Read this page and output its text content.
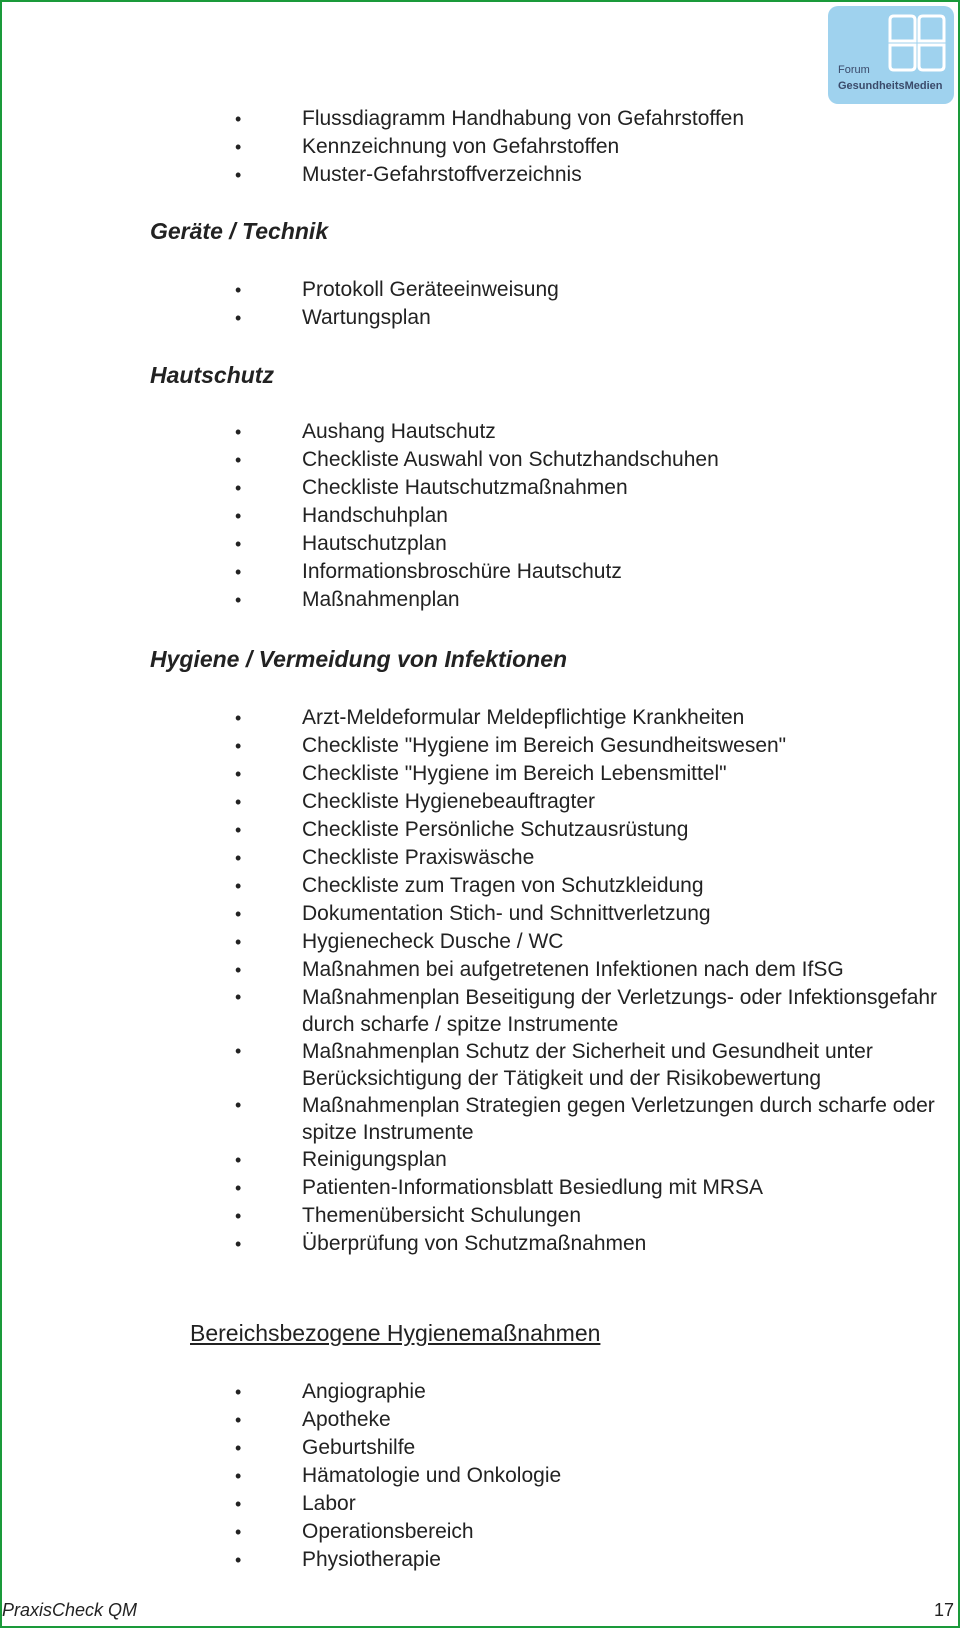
Forum
GesundheitsMedien
•	Flussdiagramm Handhabung von Gefahrstoffen
•	Kennzeichnung von Gefahrstoffen
•	Muster-Gefahrstoffverzeichnis
Geräte / Technik
•	Protokoll Geräteeinweisung
•	Wartungsplan
Hautschutz
•	Aushang Hautschutz
•	Checkliste Auswahl von Schutzhandschuhen
•	Checkliste Hautschutzmaßnahmen
•	Handschuhplan
•	Hautschutzplan
•	Informationsbroschüre Hautschutz
•	Maßnahmenplan
Hygiene / Vermeidung von Infektionen
•	Arzt-Meldeformular Meldepflichtige Krankheiten
•	Checkliste "Hygiene im Bereich Gesundheitswesen"
•	Checkliste "Hygiene im Bereich Lebensmittel"
•	Checkliste Hygienebeauftragter
•	Checkliste Persönliche Schutzausrüstung
•	Checkliste Praxiswäsche
•	Checkliste zum Tragen von Schutzkleidung
•	Dokumentation Stich- und Schnittverletzung
•	Hygienecheck Dusche / WC
•	Maßnahmen bei aufgetretenen Infektionen nach dem IfSG
•	Maßnahmenplan Beseitigung der Verletzungs- oder Infektionsgefahr durch scharfe / spitze Instrumente
•	Maßnahmenplan Schutz der Sicherheit und Gesundheit unter Berücksichtigung der Tätigkeit und der Risikobewertung
•	Maßnahmenplan Strategien gegen Verletzungen durch scharfe oder spitze Instrumente
•	Reinigungsplan
•	Patienten-Informationsblatt Besiedlung mit MRSA
•	Themenübersicht Schulungen
•	Überprüfung von Schutzmaßnahmen
Bereichsbezogene Hygienemaßnahmen
•	Angiographie
•	Apotheke
•	Geburtshilfe
•	Hämatologie und Onkologie
•	Labor
•	Operationsbereich
•	Physiotherapie
PraxisCheck QM	17
